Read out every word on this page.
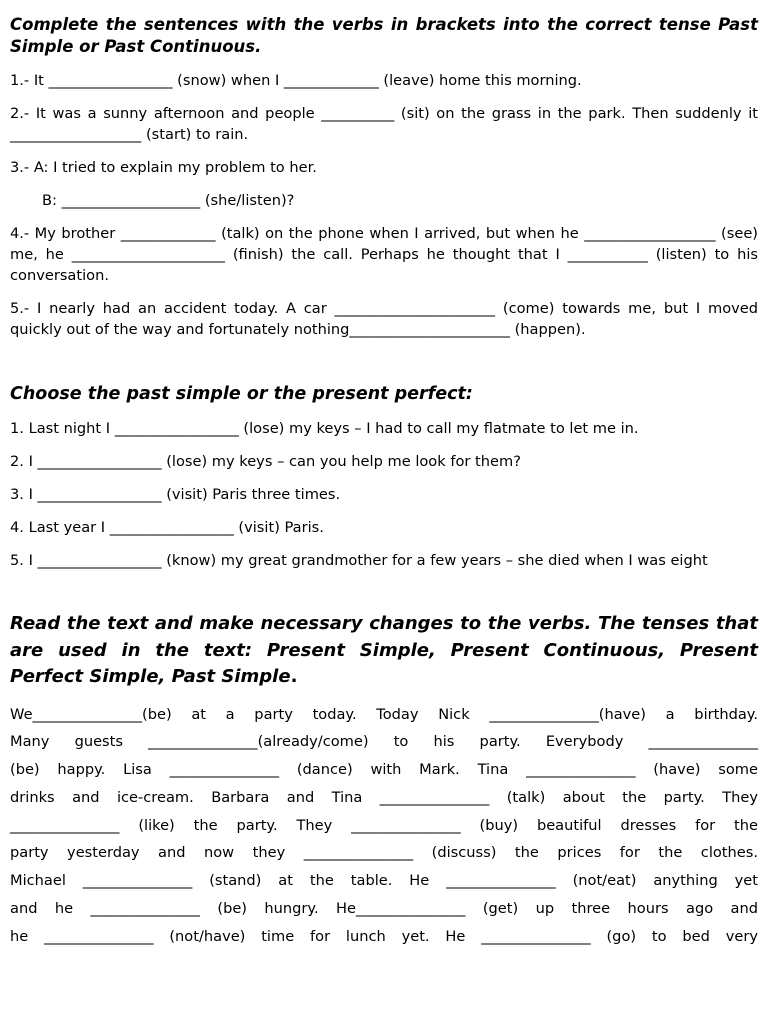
Complete the sentences with the verbs in brackets into the correct tense Past Simple or Past Continuous.
1.- It _________________ (snow) when I _____________ (leave) home this morning.
2.- It was a sunny afternoon and people __________ (sit) on the grass in the park. Then suddenly it __________________ (start) to rain.
3.- A: I tried to explain my problem to her.
B: ___________________ (she/listen)?
4.- My brother _____________ (talk) on the phone when I arrived, but when he __________________ (see) me, he _____________________ (finish) the call. Perhaps he thought that I ___________ (listen) to his conversation.
5.- I nearly had an accident today. A car ______________________ (come) towards me, but I moved quickly out of the way and fortunately nothing______________________ (happen).
Choose the past simple or the present perfect:
1. Last night I _________________ (lose) my keys – I had to call my flatmate to let me in.
2. I _________________ (lose) my keys – can you help me look for them?
3. I _________________ (visit) Paris three times.
4. Last year I _________________ (visit) Paris.
5. I _________________ (know) my great grandmother for a few years – she died when I was eight
Read the text and make necessary changes to the verbs. The tenses that are used in the text: Present Simple, Present Continuous, Present Perfect Simple, Past Simple.
We_______________(be) at a party today. Today Nick _______________(have) a birthday.
Many guests _______________(already/come) to his party. Everybody _______________
(be) happy. Lisa _______________ (dance) with Mark. Tina _______________ (have) some
drinks and ice-cream. Barbara and Tina _______________ (talk) about the party. They
_______________ (like) the party. They _______________ (buy) beautiful dresses for the
party yesterday and now they _______________ (discuss) the prices for the clothes.
Michael _______________ (stand) at the table. He _______________ (not/eat) anything yet
and he _______________ (be) hungry. He_______________ (get) up three hours ago and
he _______________ (not/have) time for lunch yet. He _______________ (go) to bed very
